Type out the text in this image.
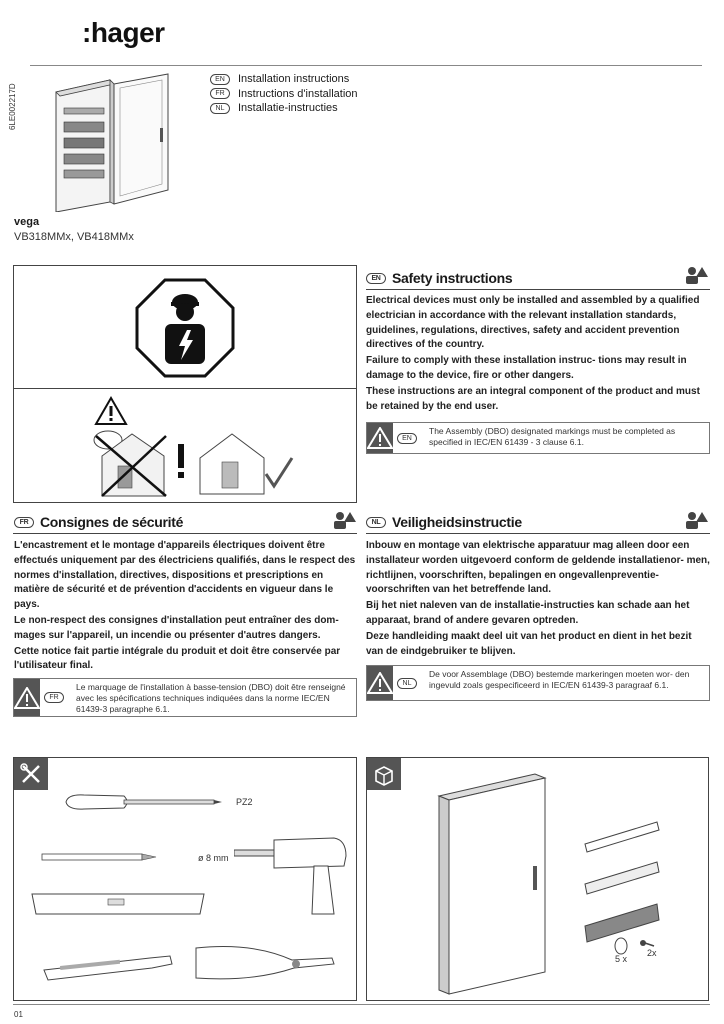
:hager
6LE002217D
EN	Installation instructions
FR	Instructions d'installation
NL	Installatie-instructies
vega
VB318MMx, VB418MMx
EN Safety instructions

Electrical devices must only be installed and assembled by a qualified electrician in accordance with the relevant installation standards, guidelines, regulations, directives, safety and accident prevention directives of the country.

Failure to comply with these installation instruc- tions may result in damage to the device, fire or other dangers.

These instructions are an integral component of the product and must be retained by the end user.

EN
The Assembly (DBO) designated markings must be completed as specified in IEC/EN 61439 - 3 clause 6.1.
FR Consignes de sécurité

L'encastrement et le montage d'appareils électriques doivent être effectués uniquement par des électriciens qualifiés, dans le respect des normes d'installation, directives, dispositions et prescriptions en matière de sécurité et de prévention d'accidents en vigueur dans le pays.

Le non-respect des consignes d'installation peut entraîner des dom- mages sur l'appareil, un incendie ou présenter d'autres dangers.

Cette notice fait partie intégrale du produit et doit être conservée par l'utilisateur final.

FR
Le marquage de l'installation à basse-tension (DBO) doit être renseigné avec les spécifications techniques indiquées dans la norme IEC/EN 61439-3 paragraphe 6.1.
NL Veiligheidsinstructie

Inbouw en montage van elektrische apparatuur mag alleen door een installateur worden uitgevoerd conform de geldende installatienor- men, richtlijnen, voorschriften, bepalingen en ongevallenpreventie- voorschriften van het betreffende land.

Bij het niet naleven van de installatie-instructies kan schade aan het apparaat, brand of andere gevaren optreden.

Deze handleiding maakt deel uit van het product en dient in het bezit van de eindgebruiker te blijven.

NL
De voor Assemblage (DBO) bestemde markeringen moeten wor- den ingevuld zoals gespecificeerd in IEC/EN 61439-3 paragraaf 6.1.
PZ2
ø 8 mm
5 x
2x
01
